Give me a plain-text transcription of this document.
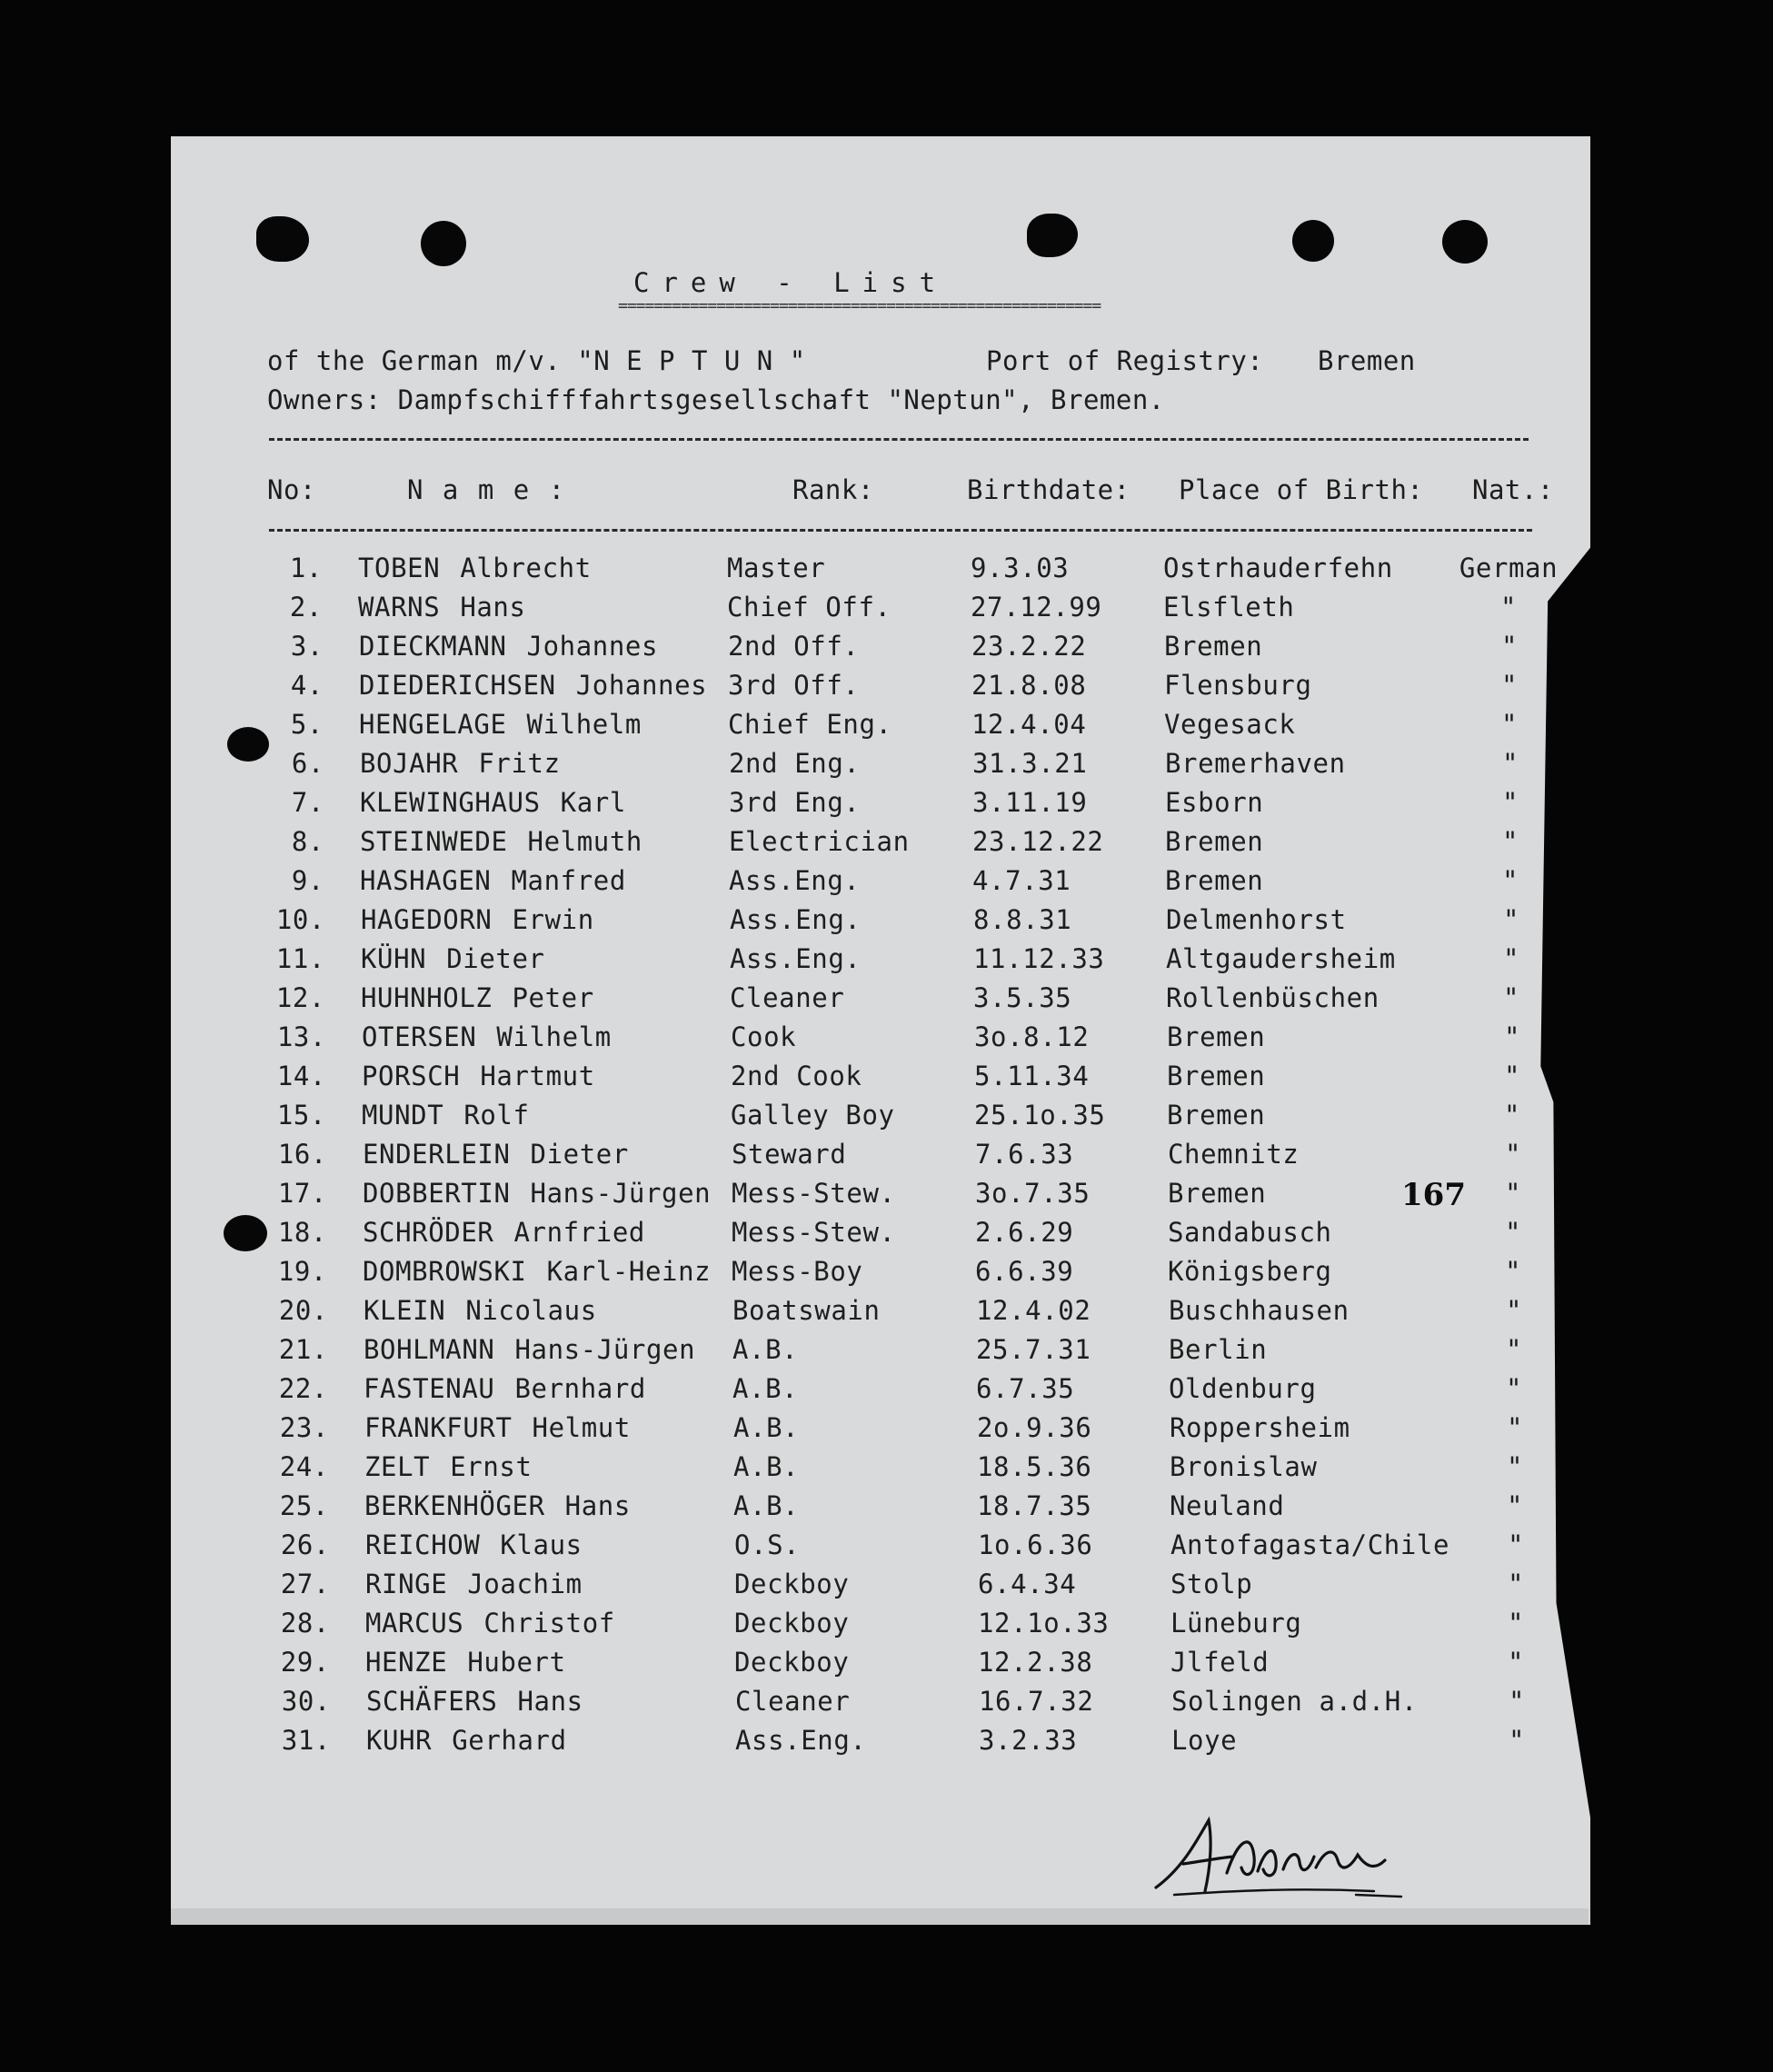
Crew - List
======================================================
of the German m/v. "N E P T U N "	Port of Registry: Bremen
Owners: Dampfschifffahrtsgesellschaft "Neptun", Bremen.
No:	N a m e :	Rank:	Birthdate: Place of Birth: Nat.:
1. TOBEN Albrecht	Master	9.3.03	Ostrhauderfehn	German
2. WARNS Hans	Chief Off.	27.12.99 Elsfleth	"
3. DIECKMANN Johannes	2nd Off.	23.2.22	Bremen	"
4. DIEDERICHSEN Johannes 3rd Off.	21.8.08	Flensburg	"
5. HENGELAGE Wilhelm	Chief Eng.	12.4.04	Vegesack	"
6. BOJAHR Fritz	2nd Eng.	31.3.21	Bremerhaven	"
7. KLEWINGHAUS Karl	3rd Eng.	3.11.19	Esborn	"
8. STEINWEDE Helmuth	Electrician 23.12.22 Bremen	"
9. HASHAGEN Manfred	Ass.Eng.	4.7.31	Bremen	"
10. HAGEDORN Erwin	Ass.Eng.	8.8.31	Delmenhorst	"
11. KÜHN Dieter	Ass.Eng.	11.12.33 Altgaudersheim	"
12. HUHNHOLZ Peter	Cleaner	3.5.35	Rollenbüschen	"
13. OTERSEN Wilhelm	Cook	3o.8.12	Bremen	"
14. PORSCH Hartmut	2nd Cook	5.11.34	Bremen	"
15. MUNDT Rolf	Galley Boy	25.1o.35 Bremen	"
16. ENDERLEIN Dieter	Steward	7.6.33	Chemnitz	"
17. DOBBERTIN Hans-Jürgen Mess-Stew.	3o.7.35	Bremen	"
18. SCHRÖDER Arnfried	Mess-Stew.	2.6.29	Sandabusch	"
19. DOMBROWSKI Karl-Heinz Mess-Boy	6.6.39	Königsberg	"
20. KLEIN Nicolaus	Boatswain	12.4.02	Buschhausen	"
21. BOHLMANN Hans-Jürgen A.B.	25.7.31	Berlin	"
22. FASTENAU Bernhard	A.B.	6.7.35	Oldenburg	"
23. FRANKFURT Helmut	A.B.	2o.9.36	Roppersheim	"
24. ZELT Ernst	A.B.	18.5.36	Bronislaw	"
25. BERKENHÖGER Hans	A.B.	18.7.35	Neuland	"
26. REICHOW Klaus	O.S.	1o.6.36	Antofagasta/Chile "
27. RINGE Joachim	Deckboy	6.4.34	Stolp	"
28. MARCUS Christof	Deckboy	12.1o.33 Lüneburg	"
29. HENZE Hubert	Deckboy	12.2.38	Jlfeld	"
30. SCHÄFERS Hans	Cleaner	16.7.32	Solingen a.d.H.	"
31. KUHR Gerhard	Ass.Eng.	3.2.33	Loye	"
167
